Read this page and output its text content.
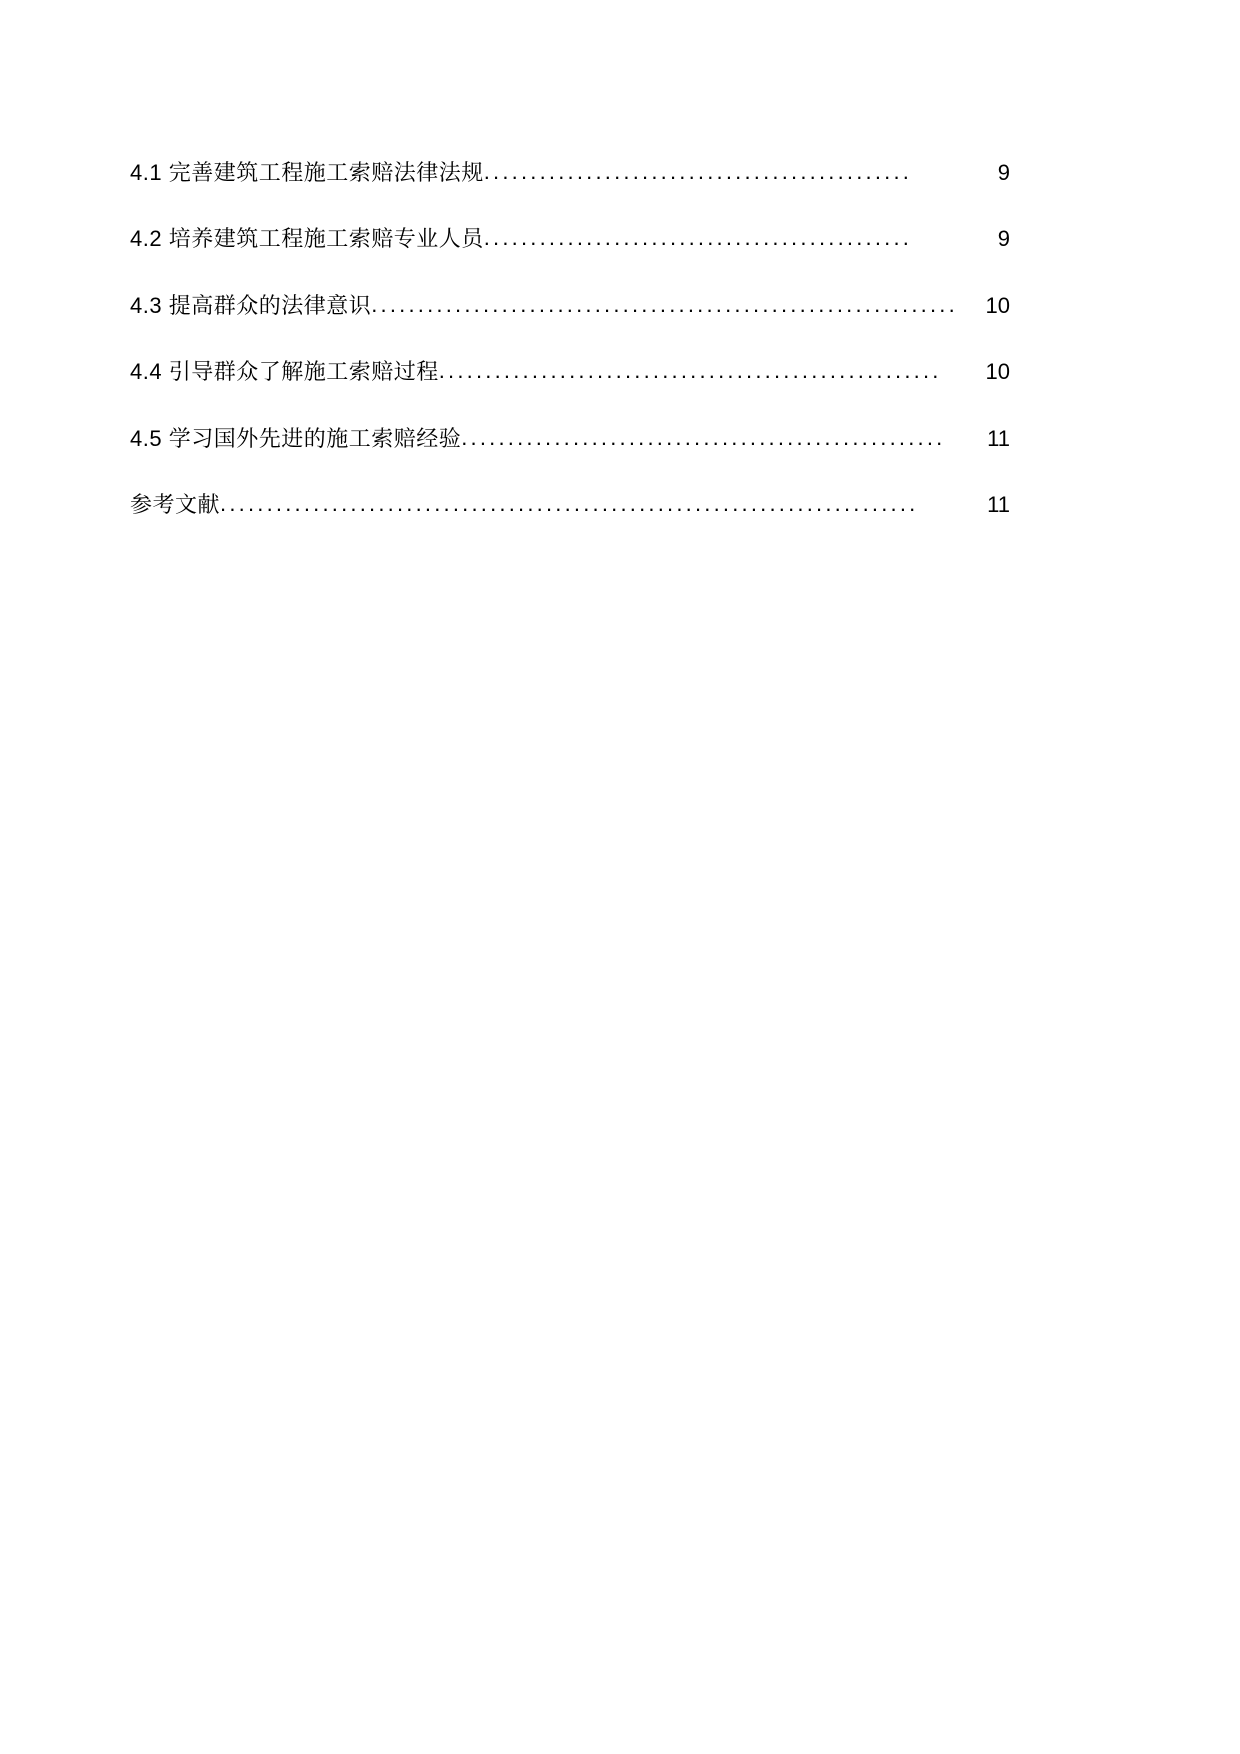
4.1 完善建筑工程施工索赔法律法规 ..............................................	9
4.2 培养建筑工程施工索赔专业人员 ..............................................	9
4.3 提高群众的法律意识 ...............................................................	10
4.4 引导群众了解施工索赔过程 ......................................................	10
4.5 学习国外先进的施工索赔经验 ....................................................	11
参考文献 ...........................................................................	11
